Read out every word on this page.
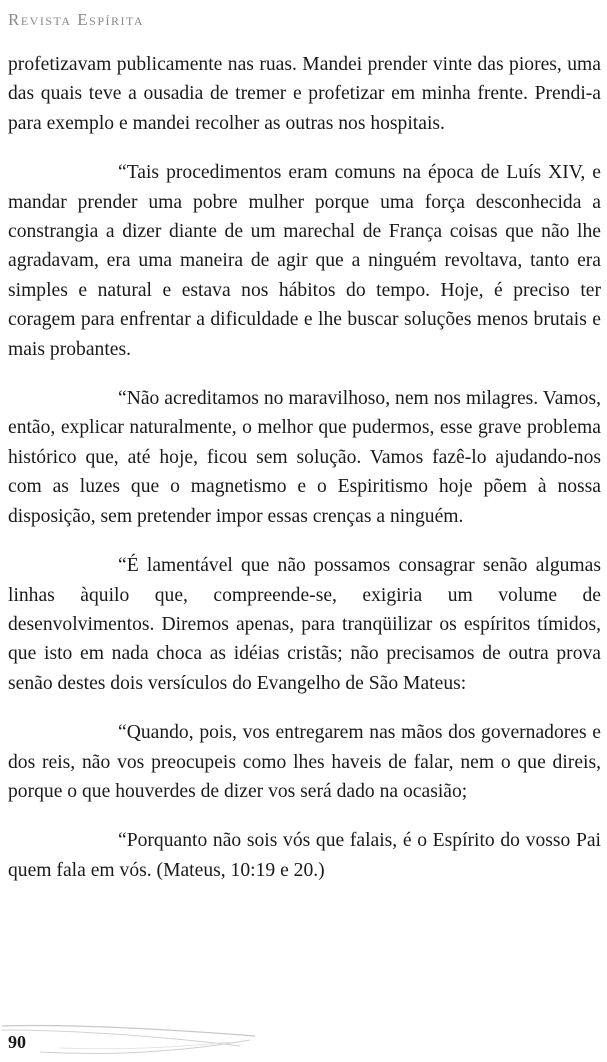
Revista Espírita

profetizavam publicamente nas ruas. Mandei prender vinte das piores, uma das quais teve a ousadia de tremer e profetizar em minha frente. Prendi-a para exemplo e mandei recolher as outras nos hospitais.

“Tais procedimentos eram comuns na época de Luís XIV, e mandar prender uma pobre mulher porque uma força desconhecida a constrangia a dizer diante de um marechal de França coisas que não lhe agradavam, era uma maneira de agir que a ninguém revoltava, tanto era simples e natural e estava nos hábitos do tempo. Hoje, é preciso ter coragem para enfrentar a dificuldade e lhe buscar soluções menos brutais e mais probantes.

“Não acreditamos no maravilhoso, nem nos milagres. Vamos, então, explicar naturalmente, o melhor que pudermos, esse grave problema histórico que, até hoje, ficou sem solução. Vamos fazê-lo ajudando-nos com as luzes que o magnetismo e o Espiritismo hoje põem à nossa disposição, sem pretender impor essas crenças a ninguém.

“É lamentável que não possamos consagrar senão algumas linhas àquilo que, compreende-se, exigiria um volume de desenvolvimentos. Diremos apenas, para tranqüilizar os espíritos tímidos, que isto em nada choca as idéias cristãs; não precisamos de outra prova senão destes dois versículos do Evangelho de São Mateus:

“Quando, pois, vos entregarem nas mãos dos governadores e dos reis, não vos preocupeis como lhes haveis de falar, nem o que direis, porque o que houverdes de dizer vos será dado na ocasião;

“Porquanto não sois vós que falais, é o Espírito do vosso Pai quem fala em vós. (Mateus, 10:19 e 20.)

90
